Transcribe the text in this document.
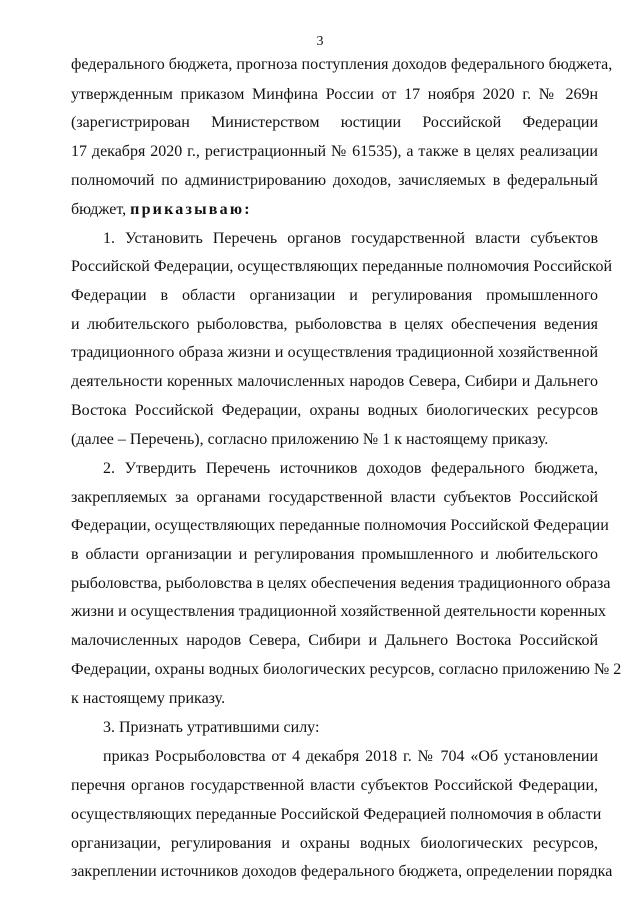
3
федерального бюджета, прогноза поступления доходов федерального бюджета,
утвержденным приказом Минфина России от 17 ноября 2020 г. № 269н
(зарегистрирован Министерством юстиции Российской Федерации
17 декабря 2020 г., регистрационный № 61535), а также в целях реализации
полномочий по администрированию доходов, зачисляемых в федеральный
бюджет, приказываю:
1. Установить Перечень органов государственной власти субъектов
Российской Федерации, осуществляющих переданные полномочия Российской
Федерации в области организации и регулирования промышленного
и любительского рыболовства, рыболовства в целях обеспечения ведения
традиционного образа жизни и осуществления традиционной хозяйственной
деятельности коренных малочисленных народов Севера, Сибири и Дальнего
Востока Российской Федерации, охраны водных биологических ресурсов
(далее – Перечень), согласно приложению № 1 к настоящему приказу.
2. Утвердить Перечень источников доходов федерального бюджета,
закрепляемых за органами государственной власти субъектов Российской
Федерации, осуществляющих переданные полномочия Российской Федерации
в области организации и регулирования промышленного и любительского
рыболовства, рыболовства в целях обеспечения ведения традиционного образа
жизни и осуществления традиционной хозяйственной деятельности коренных
малочисленных народов Севера, Сибири и Дальнего Востока Российской
Федерации, охраны водных биологических ресурсов, согласно приложению № 2
к настоящему приказу.
3. Признать утратившими силу:
приказ Росрыболовства от 4 декабря 2018 г. № 704 «Об установлении
перечня органов государственной власти субъектов Российской Федерации,
осуществляющих переданные Российской Федерацией полномочия в области
организации, регулирования и охраны водных биологических ресурсов,
закреплении источников доходов федерального бюджета, определении порядка
